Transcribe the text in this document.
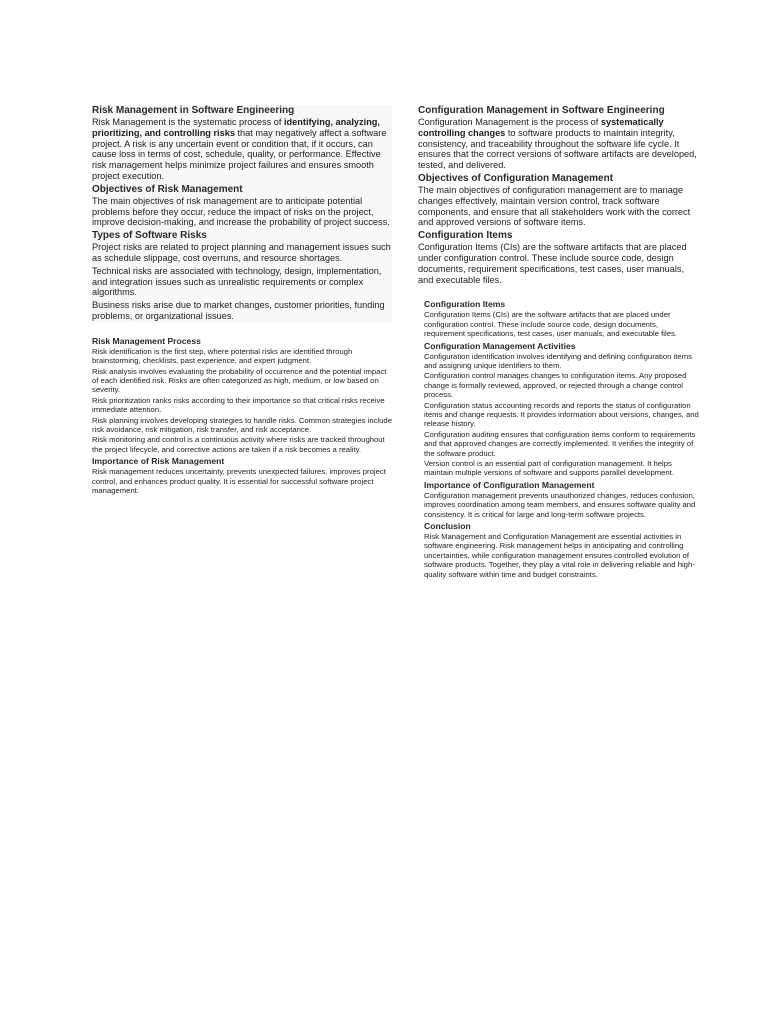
Risk Management in Software Engineering

Risk Management is the systematic process of identifying, analyzing, prioritizing, and controlling risks that may negatively affect a software project. A risk is any uncertain event or condition that, if it occurs, can cause loss in terms of cost, schedule, quality, or performance. Effective risk management helps minimize project failures and ensures smooth project execution.

Objectives of Risk Management

The main objectives of risk management are to anticipate potential problems before they occur, reduce the impact of risks on the project, improve decision-making, and increase the probability of project success.

Types of Software Risks

Project risks are related to project planning and management issues such as schedule slippage, cost overruns, and resource shortages.

Technical risks are associated with technology, design, implementation, and integration issues such as unrealistic requirements or complex algorithms.

Business risks arise due to market changes, customer priorities, funding problems, or organizational issues.

Risk Management Process

Risk identification is the first step, where potential risks are identified through brainstorming, checklists, past experience, and expert judgment.

Risk analysis involves evaluating the probability of occurrence and the potential impact of each identified risk. Risks are often categorized as high, medium, or low based on severity.

Risk prioritization ranks risks according to their importance so that critical risks receive immediate attention.

Risk planning involves developing strategies to handle risks. Common strategies include risk avoidance, risk mitigation, risk transfer, and risk acceptance.

Risk monitoring and control is a continuous activity where risks are tracked throughout the project lifecycle, and corrective actions are taken if a risk becomes a reality.

Importance of Risk Management

Risk management reduces uncertainty, prevents unexpected failures, improves project control, and enhances product quality. It is essential for successful software project management.

Configuration Management in Software Engineering

Configuration Management is the process of systematically controlling changes to software products to maintain integrity, consistency, and traceability throughout the software life cycle. It ensures that the correct versions of software artifacts are developed, tested, and delivered.

Objectives of Configuration Management

The main objectives of configuration management are to manage changes effectively, maintain version control, track software components, and ensure that all stakeholders work with the correct and approved versions of software items.

Configuration Items

Configuration Items (CIs) are the software artifacts that are placed under configuration control. These include source code, design documents, requirement specifications, test cases, user manuals, and executable files.

Configuration Items

Configuration Items (CIs) are the software artifacts that are placed under configuration control. These include source code, design documents, requirement specifications, test cases, user manuals, and executable files.

Configuration Management Activities

Configuration identification involves identifying and defining configuration items and assigning unique identifiers to them.

Configuration control manages changes to configuration items. Any proposed change is formally reviewed, approved, or rejected through a change control process.

Configuration status accounting records and reports the status of configuration items and change requests. It provides information about versions, changes, and release history.

Configuration auditing ensures that configuration items conform to requirements and that approved changes are correctly implemented. It verifies the integrity of the software product.

Version control is an essential part of configuration management. It helps maintain multiple versions of software and supports parallel development.

Importance of Configuration Management

Configuration management prevents unauthorized changes, reduces confusion, improves coordination among team members, and ensures software quality and consistency. It is critical for large and long-term software projects.

Conclusion

Risk Management and Configuration Management are essential activities in software engineering. Risk management helps in anticipating and controlling uncertainties, while configuration management ensures controlled evolution of software products. Together, they play a vital role in delivering reliable and high-quality software within time and budget constraints.
